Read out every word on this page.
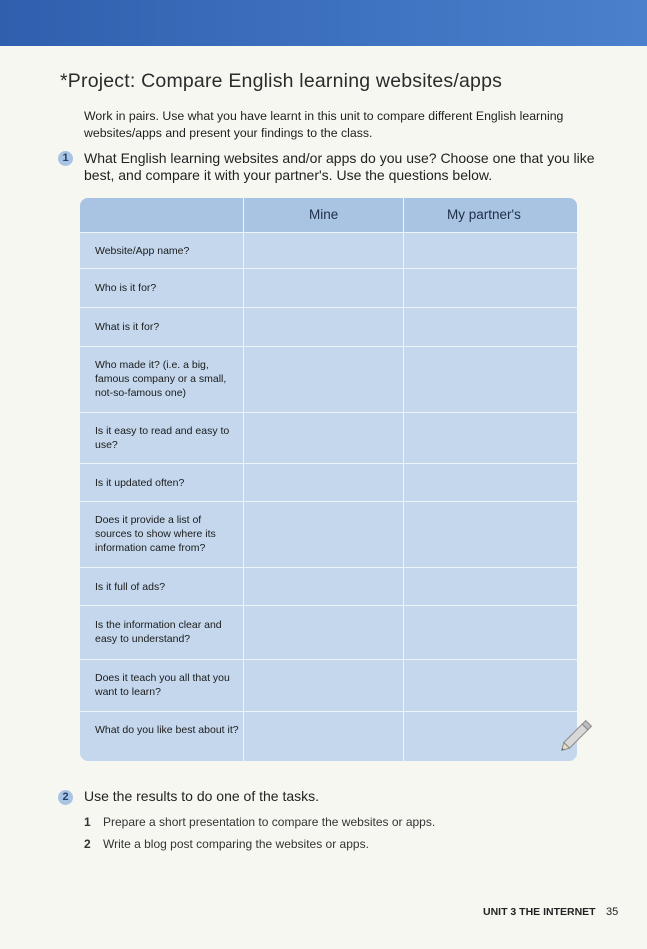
*Project: Compare English learning websites/apps
Work in pairs. Use what you have learnt in this unit to compare different English learning websites/apps and present your findings to the class.
1	What English learning websites and/or apps do you use? Choose one that you like best, and compare it with your partner's. Use the questions below.
Mine	My partner's
Website/App name?
Who is it for?
What is it for?
Who made it? (i.e. a big, famous company or a small, not-so-famous one)
Is it easy to read and easy to use?
Is it updated often?
Does it provide a list of sources to show where its information came from?
Is it full of ads?
Is the information clear and easy to understand?
Does it teach you all that you want to learn?
What do you like best about it?
2	Use the results to do one of the tasks.
1 Prepare a short presentation to compare the websites or apps.
2 Write a blog post comparing the websites or apps.
UNIT 3 THE INTERNET 35
